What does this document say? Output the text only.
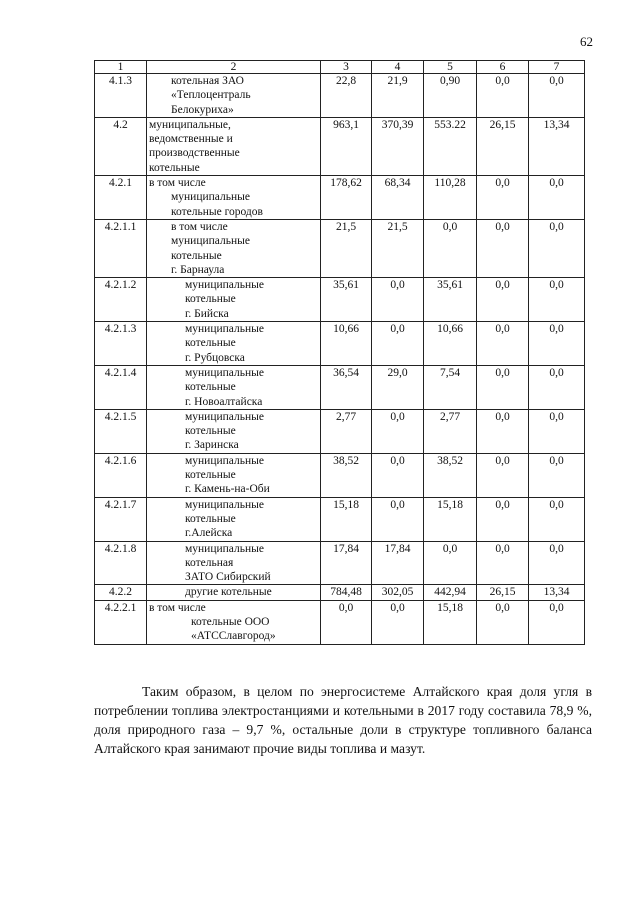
62
1	2	3	4	5	6	7
4.1.3	котельная ЗАО
«Теплоцентраль
Белокуриха»	22,8	21,9	0,90	0,0	0,0
4.2	муниципальные,
ведомственные и
производственные
котельные	963,1	370,39	553.22	26,15	13,34
4.2.1	в том числе
муниципальные
котельные городов	178,62	68,34	110,28	0,0	0,0
4.2.1.1	в том числе
муниципальные
котельные
г. Барнаула	21,5	21,5	0,0	0,0	0,0
4.2.1.2	муниципальные
котельные
г. Бийска	35,61	0,0	35,61	0,0	0,0
4.2.1.3	муниципальные
котельные
г. Рубцовска	10,66	0,0	10,66	0,0	0,0
4.2.1.4	муниципальные
котельные
г. Новоалтайска	36,54	29,0	7,54	0,0	0,0
4.2.1.5	муниципальные
котельные
г. Заринска	2,77	0,0	2,77	0,0	0,0
4.2.1.6	муниципальные
котельные
г. Камень-на-Оби	38,52	0,0	38,52	0,0	0,0
4.2.1.7	муниципальные
котельные
г.Алейска	15,18	0,0	15,18	0,0	0,0
4.2.1.8	муниципальные
котельная
ЗАТО Сибирский	17,84	17,84	0,0	0,0	0,0
4.2.2	другие котельные	784,48	302,05	442,94	26,15	13,34
4.2.2.1	в том числе
котельные ООО
«АТССлавгород»	0,0	0,0	15,18	0,0	0,0

Таким образом, в целом по энергосистеме Алтайского края доля угля в потреблении топлива электростанциями и котельными в 2017 году составила 78,9 %, доля природного газа – 9,7 %, остальные доли в структуре топливного баланса Алтайского края занимают прочие виды топлива и мазут.
